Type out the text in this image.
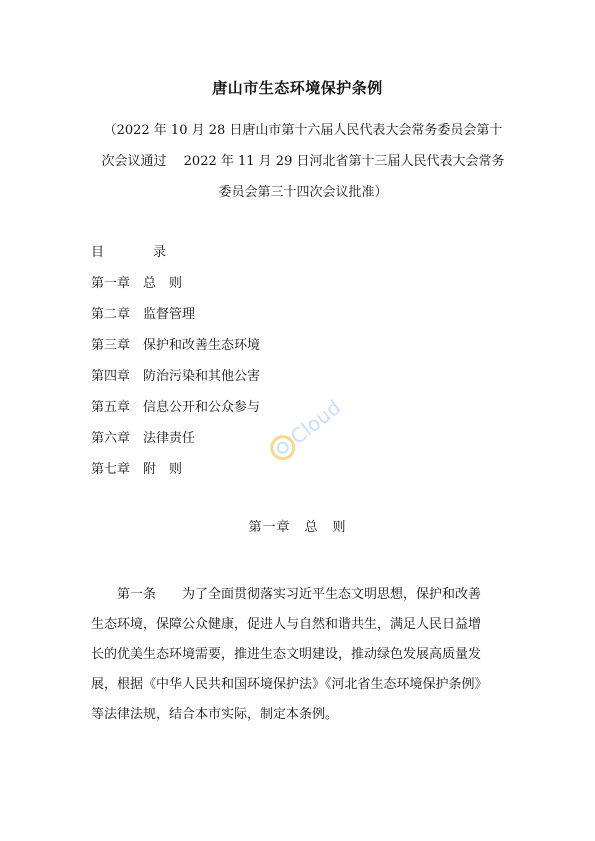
唐山市生态环境保护条例
（2022 年 10 月 28 日唐山市第十六届人民代表大会常务委员会第十
次会议通过　 2022 年 11 月 29 日河北省第十三届人民代表大会常务
委员会第三十四次会议批准）
目	录
第一章 总　则
第二章 监督管理
第三章 保护和改善生态环境
第四章 防治污染和其他公害
第五章 信息公开和公众参与
第六章 法律责任
第七章 附　则
第一章　总　则
第一条　　为了全面贯彻落实习近平生态文明思想，保护和改善
生态环境，保障公众健康，促进人与自然和谐共生，满足人民日益增
长的优美生态环境需要，推进生态文明建设，推动绿色发展高质量发
展，根据《中华人民共和国环境保护法》《河北省生态环境保护条例》
等法律法规，结合本市实际，制定本条例。
Cloud
